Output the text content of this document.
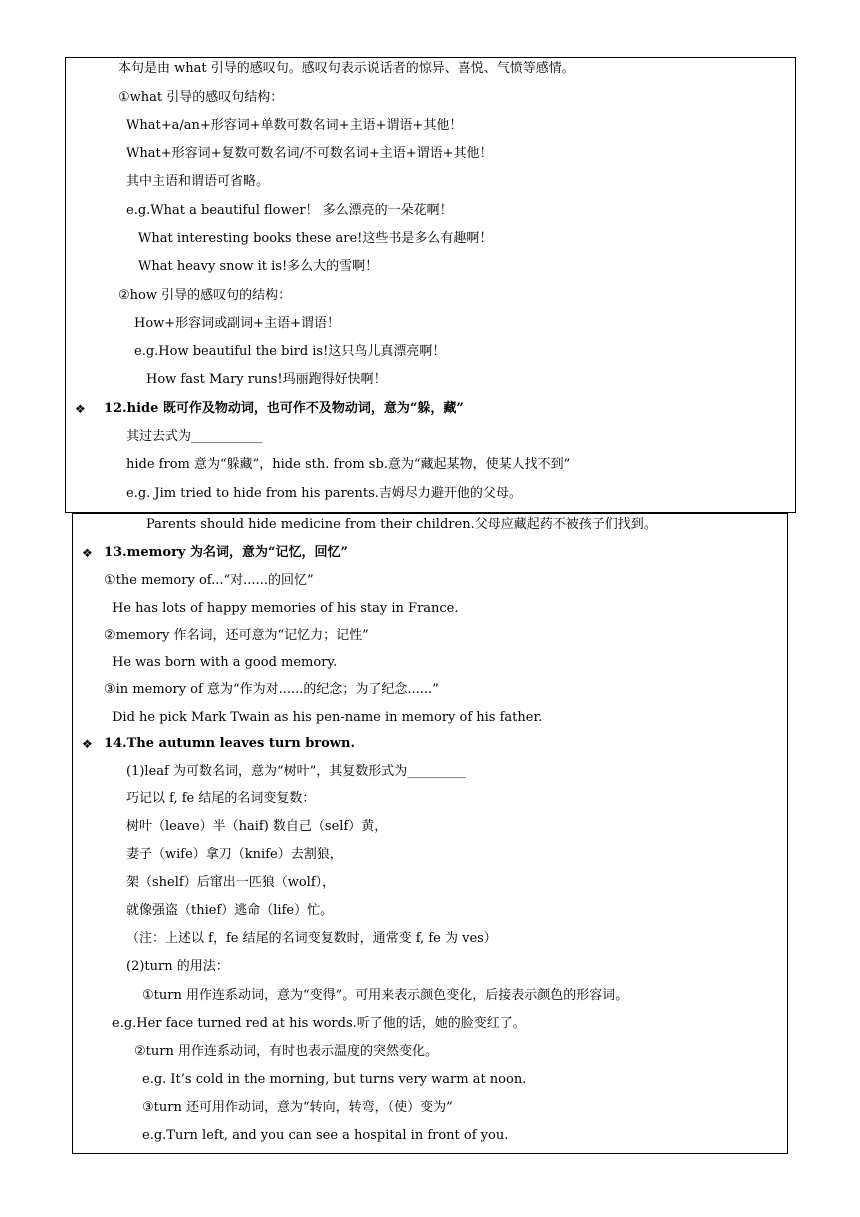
本句是由 what 引导的感叹句。感叹句表示说话者的惊异、喜悦、气愤等感情。
①what 引导的感叹句结构：
What+a/an+形容词+单数可数名词+主语+谓语+其他！
What+形容词+复数可数名词/不可数名词+主语+谓语+其他！
其中主语和谓语可省略。
e.g.What a beautiful flower！ 多么漂亮的一朵花啊！
What interesting books these are!这些书是多么有趣啊！
What heavy snow it is!多么大的雪啊！
②how 引导的感叹句的结构：
How+形容词或副词+主语+谓语！
e.g.How beautiful the bird is!这只鸟儿真漂亮啊！
How fast Mary runs!玛丽跑得好快啊！
❖ 12.hide 既可作及物动词，也可作不及物动词，意为“躲，藏”
其过去式为___________
hide from 意为“躲藏”，hide sth. from sb.意为“藏起某物，使某人找不到”
e.g. Jim tried to hide from his parents.吉姆尽力避开他的父母。
Parents should hide medicine from their children.父母应藏起药不被孩子们找到。
❖ 13.memory 为名词，意为“记忆，回忆”
①the memory of...“对......的回忆”
He has lots of happy memories of his stay in France.
②memory 作名词，还可意为“记忆力；记性”
He was born with a good memory.
③in memory of 意为“作为对......的纪念；为了纪念......”
Did he pick Mark Twain as his pen-name in memory of his father.
❖ 14.The autumn leaves turn brown.
(1)leaf 为可数名词，意为“树叶”，其复数形式为_________
巧记以 f, fe 结尾的名词变复数：
树叶（leave）半（haif) 数自己（self）黄，
妻子（wife）拿刀（knife）去割狼，
架（shelf）后窜出一匹狼（wolf），
就像强盗（thief）逃命（life）忙。
（注：上述以 f，fe 结尾的名词变复数时，通常变 f, fe 为 ves）
(2)turn 的用法：
①turn 用作连系动词，意为“变得”。可用来表示颜色变化，后接表示颜色的形容词。
e.g.Her face turned red at his words.听了他的话，她的脸变红了。
②turn 用作连系动词，有时也表示温度的突然变化。
e.g. It’s cold in the morning, but turns very warm at noon.
③turn 还可用作动词，意为“转向，转弯，（使）变为”
e.g.Turn left, and you can see a hospital in front of you.
